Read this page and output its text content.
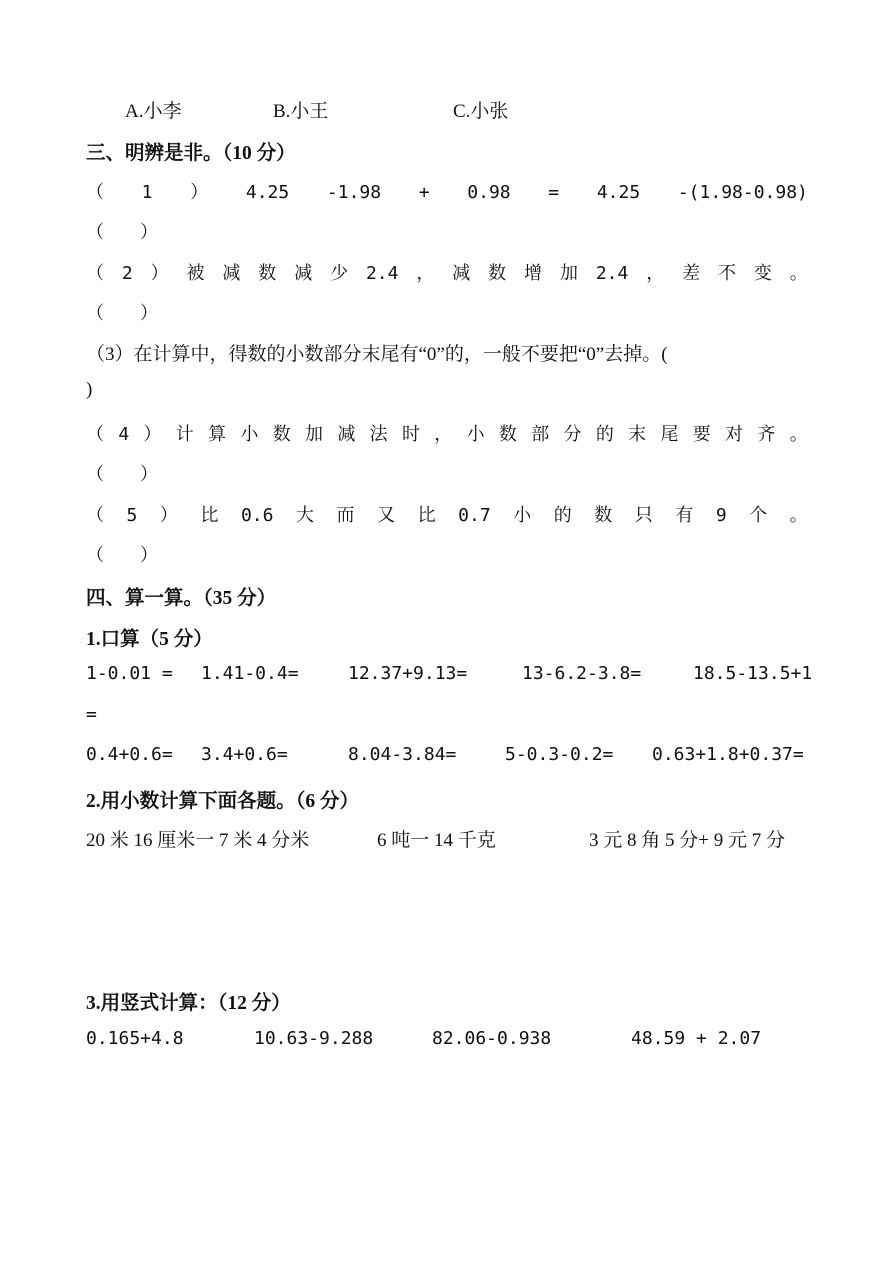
A.小李	B.小王	C.小张
三、明辨是非。（10 分）
（ 1 ） 4.25 -1.98 + 0.98 = 4.25 -(1.98-0.98)
（　　）
（ 2 ） 被 减 数 减 少 2.4 ， 减 数 增 加 2.4 ， 差 不 变 。
（　　）
（3）在计算中，得数的小数部分末尾有“0”的，一般不要把“0”去掉。(
)
（ 4 ） 计 算 小 数 加 减 法 时 ， 小 数 部 分 的 末 尾 要 对 齐 。
（　　）
（ 5 ） 比 0.6 大 而 又 比 0.7 小 的 数 只 有 9 个 。
（　　）
四、算一算。（35 分）
1.口算（5 分）
1-0.01 = 1.41-0.4=	12.37+9.13=	13-6.2-3.8=	18.5-13.5+1
=
0.4+0.6= 3.4+0.6=	8.04-3.84=	5-0.3-0.2= 0.63+1.8+0.37=
2.用小数计算下面各题。（6 分）
20 米 16 厘米一 7 米 4 分米	6 吨一 14 千克	3 元 8 角 5 分+ 9 元 7 分
3.用竖式计算：（12 分）
0.165+4.8	10.63-9.288	82.06-0.938	48.59 + 2.07
